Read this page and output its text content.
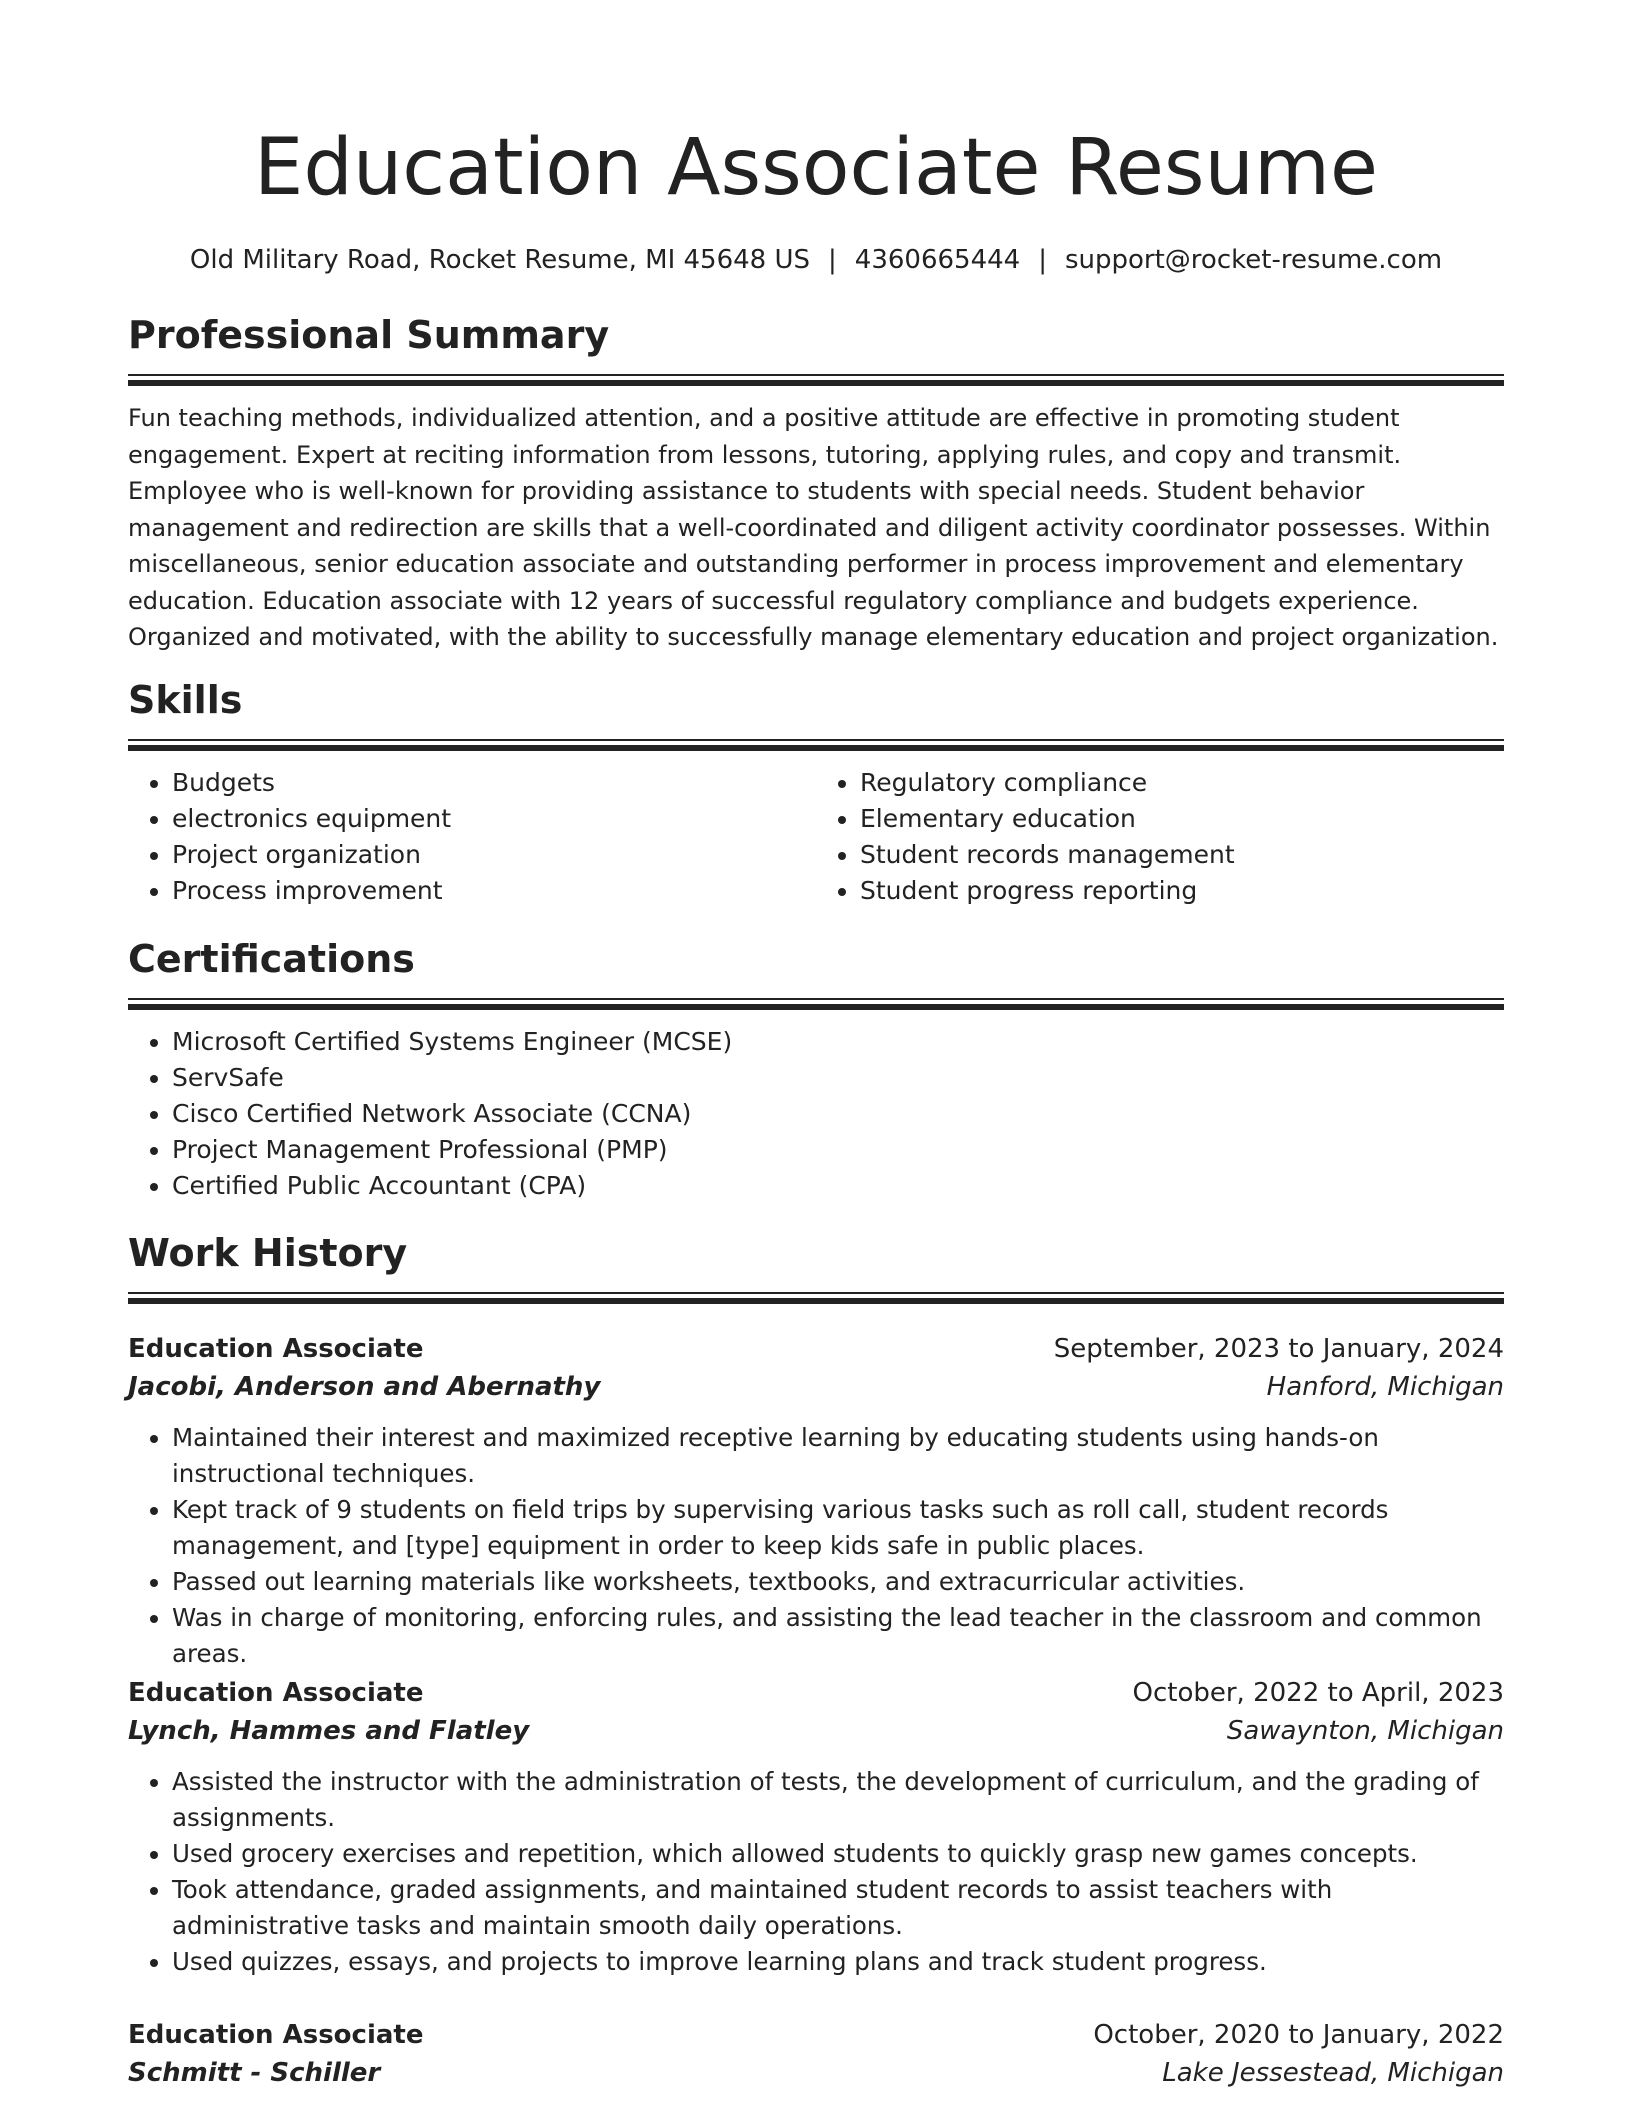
Education Associate Resume
Old Military Road, Rocket Resume, MI 45648 US | 4360665444 | support@rocket-resume.com
Professional Summary
Fun teaching methods, individualized attention, and a positive attitude are effective in promoting student engagement. Expert at reciting information from lessons, tutoring, applying rules, and copy and transmit. Employee who is well-known for providing assistance to students with special needs. Student behavior management and redirection are skills that a well-coordinated and diligent activity coordinator possesses. Within miscellaneous, senior education associate and outstanding performer in process improvement and elementary education. Education associate with 12 years of successful regulatory compliance and budgets experience. Organized and motivated, with the ability to successfully manage elementary education and project organization.
Skills
• Budgets
• electronics equipment
• Project organization
• Process improvement
• Regulatory compliance
• Elementary education
• Student records management
• Student progress reporting
Certifications
• Microsoft Certified Systems Engineer (MCSE)
• ServSafe
• Cisco Certified Network Associate (CCNA)
• Project Management Professional (PMP)
• Certified Public Accountant (CPA)
Work History
Education Associate	September, 2023 to January, 2024
Jacobi, Anderson and Abernathy	Hanford, Michigan
• Maintained their interest and maximized receptive learning by educating students using hands-on instructional techniques.
• Kept track of 9 students on field trips by supervising various tasks such as roll call, student records management, and [type] equipment in order to keep kids safe in public places.
• Passed out learning materials like worksheets, textbooks, and extracurricular activities.
• Was in charge of monitoring, enforcing rules, and assisting the lead teacher in the classroom and common areas.
Education Associate	October, 2022 to April, 2023
Lynch, Hammes and Flatley	Sawaynton, Michigan
• Assisted the instructor with the administration of tests, the development of curriculum, and the grading of assignments.
• Used grocery exercises and repetition, which allowed students to quickly grasp new games concepts.
• Took attendance, graded assignments, and maintained student records to assist teachers with administrative tasks and maintain smooth daily operations.
• Used quizzes, essays, and projects to improve learning plans and track student progress.
Education Associate	October, 2020 to January, 2022
Schmitt - Schiller	Lake Jessestead, Michigan
